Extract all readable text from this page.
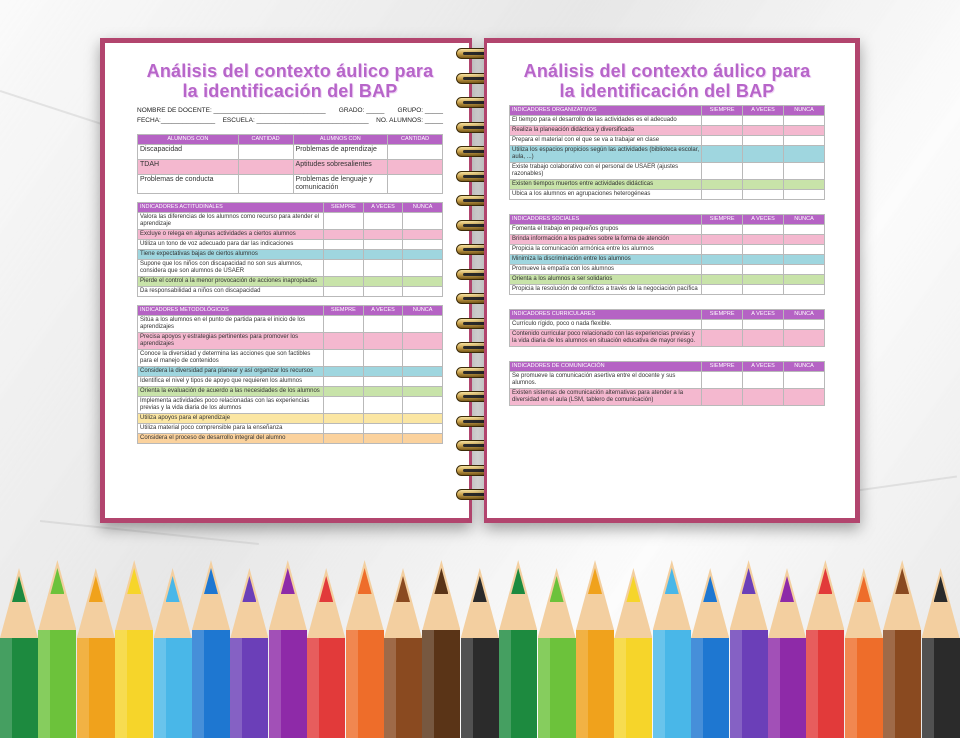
Análisis del contexto áulico para
la identificación del BAP
NOMBRE DE DOCENTE: _______________________________ GRADO: _____ GRUPO: _____
FECHA:_______________ ESCUELA: _______________________________ NO. ALUMNOS: _____
ALUMNOS CON	CANTIDAD	ALUMNOS CON	CANTIDAD
Discapacidad		Problemas de aprendizaje	
TDAH		Aptitudes sobresalientes	
Problemas de conducta		Problemas de lenguaje y comunicación	
INDICADORES ACTITUDINALES	SIEMPRE	A VECES	NUNCA
Valora las diferencias de los alumnos como recurso para atender el aprendizaje			
Excluye o relega en algunas actividades a ciertos alumnos			
Utiliza un tono de voz adecuado para dar las indicaciones			
Tiene expectativas bajas de ciertos alumnos			
Supone que los niños con discapacidad no son sus alumnos, considera que son alumnos de USAER			
Pierde el control a la menor provocación de acciones inapropiadas			
Da responsabilidad a niños con discapacidad			
INDICADORES METODOLÓGICOS	SIEMPRE	A VECES	NUNCA
Sitúa a los alumnos en el punto de partida para el inicio de los aprendizajes			
Precisa apoyos y estrategias pertinentes para promover los aprendizajes			
Conoce la diversidad y determina las acciones que son factibles para el manejo de contenidos			
Considera la diversidad para planear y así organizar los recursos			
Identifica el nivel y tipos de apoyo que requieren los alumnos			
Orienta la evaluación de acuerdo a las necesidades de los alumnos			
Implementa actividades poco relacionadas con las experiencias previas y la vida diaria de los alumnos			
Utiliza apoyos para el aprendizaje			
Utiliza material poco comprensible para la enseñanza			
Considera el proceso de desarrollo integral del alumno			
Análisis del contexto áulico para
la identificación del BAP
INDICADORES ORGANIZATIVOS	SIEMPRE	A VECES	NUNCA
El tiempo para el desarrollo de las actividades es el adecuado			
Realiza la planeación didáctica y diversificada			
Prepara el material con el que se va a trabajar en clase			
Utiliza los espacios propicios según las actividades (biblioteca escolar, aula, ...)			
Existe trabajo colaborativo con el personal de USAER (ajustes razonables)			
Existen tiempos muertos entre actividades didácticas			
Ubica a los alumnos en agrupaciones heterogéneas			
INDICADORES SOCIALES	SIEMPRE	A VECES	NUNCA
Fomenta el trabajo en pequeños grupos			
Brinda información a los padres sobre la forma de atención			
Propicia la comunicación armónica entre los alumnos			
Minimiza la discriminación entre los alumnos			
Promueve la empatía con los alumnos			
Orienta a los alumnos a ser solidarios			
Propicia la resolución de conflictos a través de la negociación pacífica			
INDICADORES CURRICULARES	SIEMPRE	A VECES	NUNCA
Currículo rígido, poco o nada flexible.			
Contenido curricular poco relacionado con las experiencias previas y la vida diaria de los alumnos en situación educativa de mayor riesgo.			
INDICADORES DE COMUNICACIÓN	SIEMPRE	A VECES	NUNCA
Se promueve la comunicación asertiva entre el docente y sus alumnos.			
Existen sistemas de comunicación alternativas para atender a la diversidad en el aula (LSM, tablero de comunicación)			
